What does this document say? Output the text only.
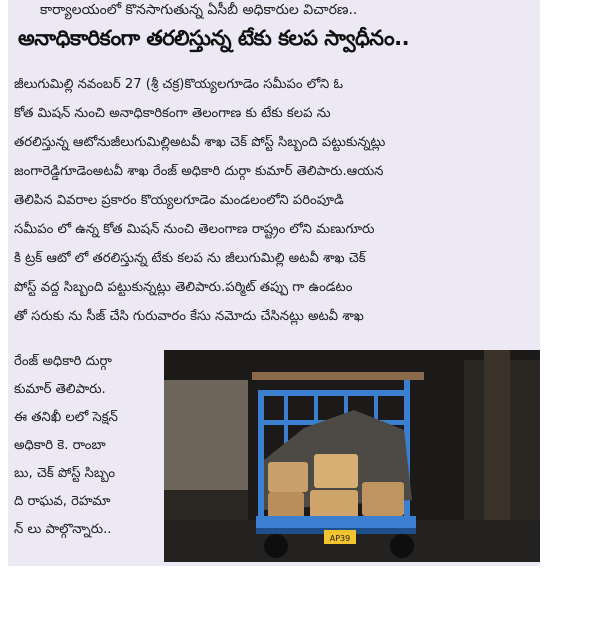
కార్యాలయంలో కొనసాగుతున్న ఏసీబీ అధికారుల విచారణ..
అనాధికారికంగా తరలిస్తున్న టేకు కలప స్వాధీనం..
జీలుగుమిల్లి నవంబర్ 27 (శ్రీ చక్ర)కొయ్యలగూడెం సమీపం లోని ఓ
కోత మిషన్ నుంచి అనాధికారికంగా తెలంగాణ కు టేకు కలప ను
తరలిస్తున్న ఆటోనుజీలుగుమిల్లిఅటవీ శాఖ చెక్ పోస్ట్ సిబ్బంది పట్టుకున్నట్లు
జంగారెడ్డిగూడెంఅటవీ శాఖ రేంజ్ అధికారి దుర్గా కుమార్ తెలిపారు.ఆయన
తెలిపిన వివరాల ప్రకారం కొయ్యలగూడెం మండలంలోని పరింపూడి
సమీపం లో ఉన్న కోత మిషన్ నుంచి తెలంగాణ రాష్ట్రం లోని మణుగూరు
కి ట్రక్ ఆటో లో తరలిస్తున్న టేకు కలప ను జీలుగుమిల్లి అటవీ శాఖ చెక్
పోస్ట్ వద్ద సిబ్బంది పట్టుకున్నట్లు తెలిపారు.పర్మిట్ తప్పు గా ఉండటం
తో సరుకు ను సీజ్ చేసి గురువారం కేసు నమోదు చేసినట్లు అటవీ శాఖ
రేంజ్ అధికారి దుర్గా
కుమార్ తెలిపారు.
ఈ తనిఖీ లలో సెక్షన్
అధికారి కె. రాంబా
బు, చెక్ పోస్ట్ సిబ్బం
ది రాఘవ, రెహమా
న్ లు పాల్గొన్నారు..
AP39
